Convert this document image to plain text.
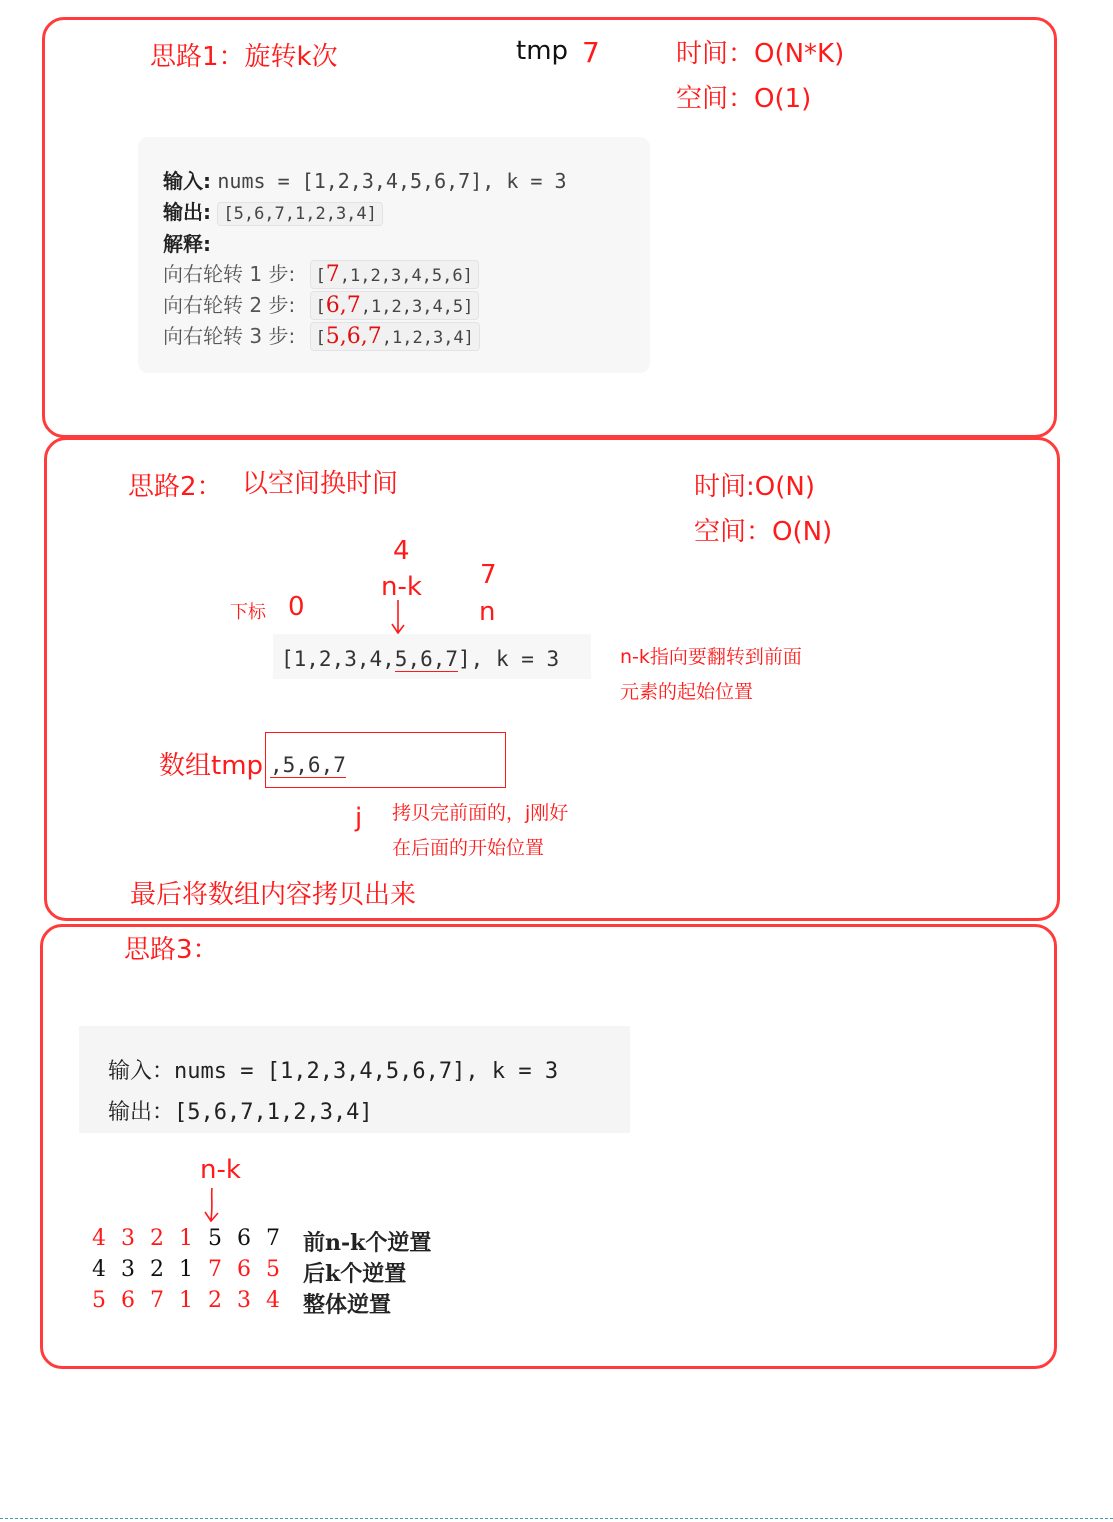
思路1：旋转k次	tmp 7	时间：O(N*K)
空间：O(1)
输入: nums = [1,2,3,4,5,6,7], k = 3
输出: [5,6,7,1,2,3,4]
解释:
向右轮转 1 步: [7,1,2,3,4,5,6]
向右轮转 2 步: [6,7,1,2,3,4,5]
向右轮转 3 步: [5,6,7,1,2,3,4]
思路2： 以空间换时间	时间:O(N)
空间：O(N)
4
n-k 7
n
下标 0
[1,2,3,4,5,6,7], k = 3	n-k指向要翻转到前面
元素的起始位置
数组tmp ,5,6,7
j 拷贝完前面的，j刚好
在后面的开始位置
最后将数组内容拷贝出来
思路3：
输入：nums = [1,2,3,4,5,6,7], k = 3
输出：[5,6,7,1,2,3,4]
n-k
4 3 2 1 5 6 7 前n-k个逆置
4 3 2 1 7 6 5 后k个逆置
5 6 7 1 2 3 4 整体逆置
